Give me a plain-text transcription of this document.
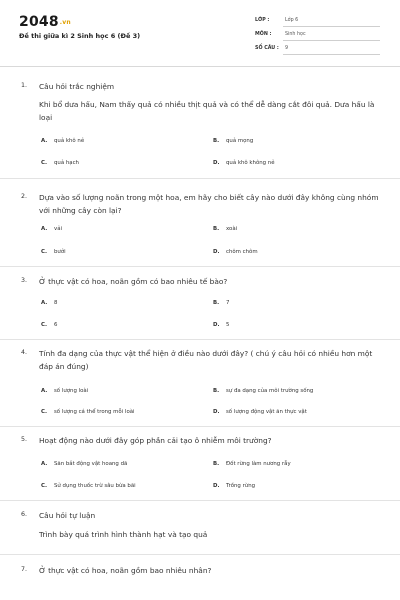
2048.vn
Đề thi giữa kì 2 Sinh học 6 (Đề 3)
LỚP :	Lớp 6
MÔN :	Sinh học
SỐ CÂU : 9
1. Câu hỏi trắc nghiệm
Khi bổ dưa hấu, Nam thấy quả có nhiều thịt quả và có thể dễ dàng cắt đôi quả. Dưa hấu là loại
A. quả khô nẻ	B. quả mọng
C. quả hạch	D. quả khô không nẻ
2. Dựa vào số lượng noãn trong một hoa, em hãy cho biết cây nào dưới đây không cùng nhóm với những cây còn lại?
A. vải	B. xoài
C. bưởi	D. chôm chôm
3. Ở thực vật có hoa, noãn gồm có bao nhiêu tế bào?
A. 8	B. 7
C. 6	D. 5
4. Tính đa dạng của thực vật thể hiện ở điều nào dưới đây? ( chú ý câu hỏi có nhiều hơn một đáp án đúng)
A. số lượng loài	B. sự đa dạng của môi trường sống
C. số lượng cá thể trong mỗi loài	D. số lượng động vật ăn thực vật
5. Hoạt động nào dưới đây góp phần cải tạo ô nhiễm môi trường?
A. Săn bắt động vật hoang dã	B. Đốt rừng làm nương rẫy
C. Sử dụng thuốc trừ sâu bừa bãi	D. Trồng rừng
6. Câu hỏi tự luận
Trình bày quá trình hình thành hạt và tạo quả
7. Ở thực vật có hoa, noãn gồm bao nhiêu nhân?
